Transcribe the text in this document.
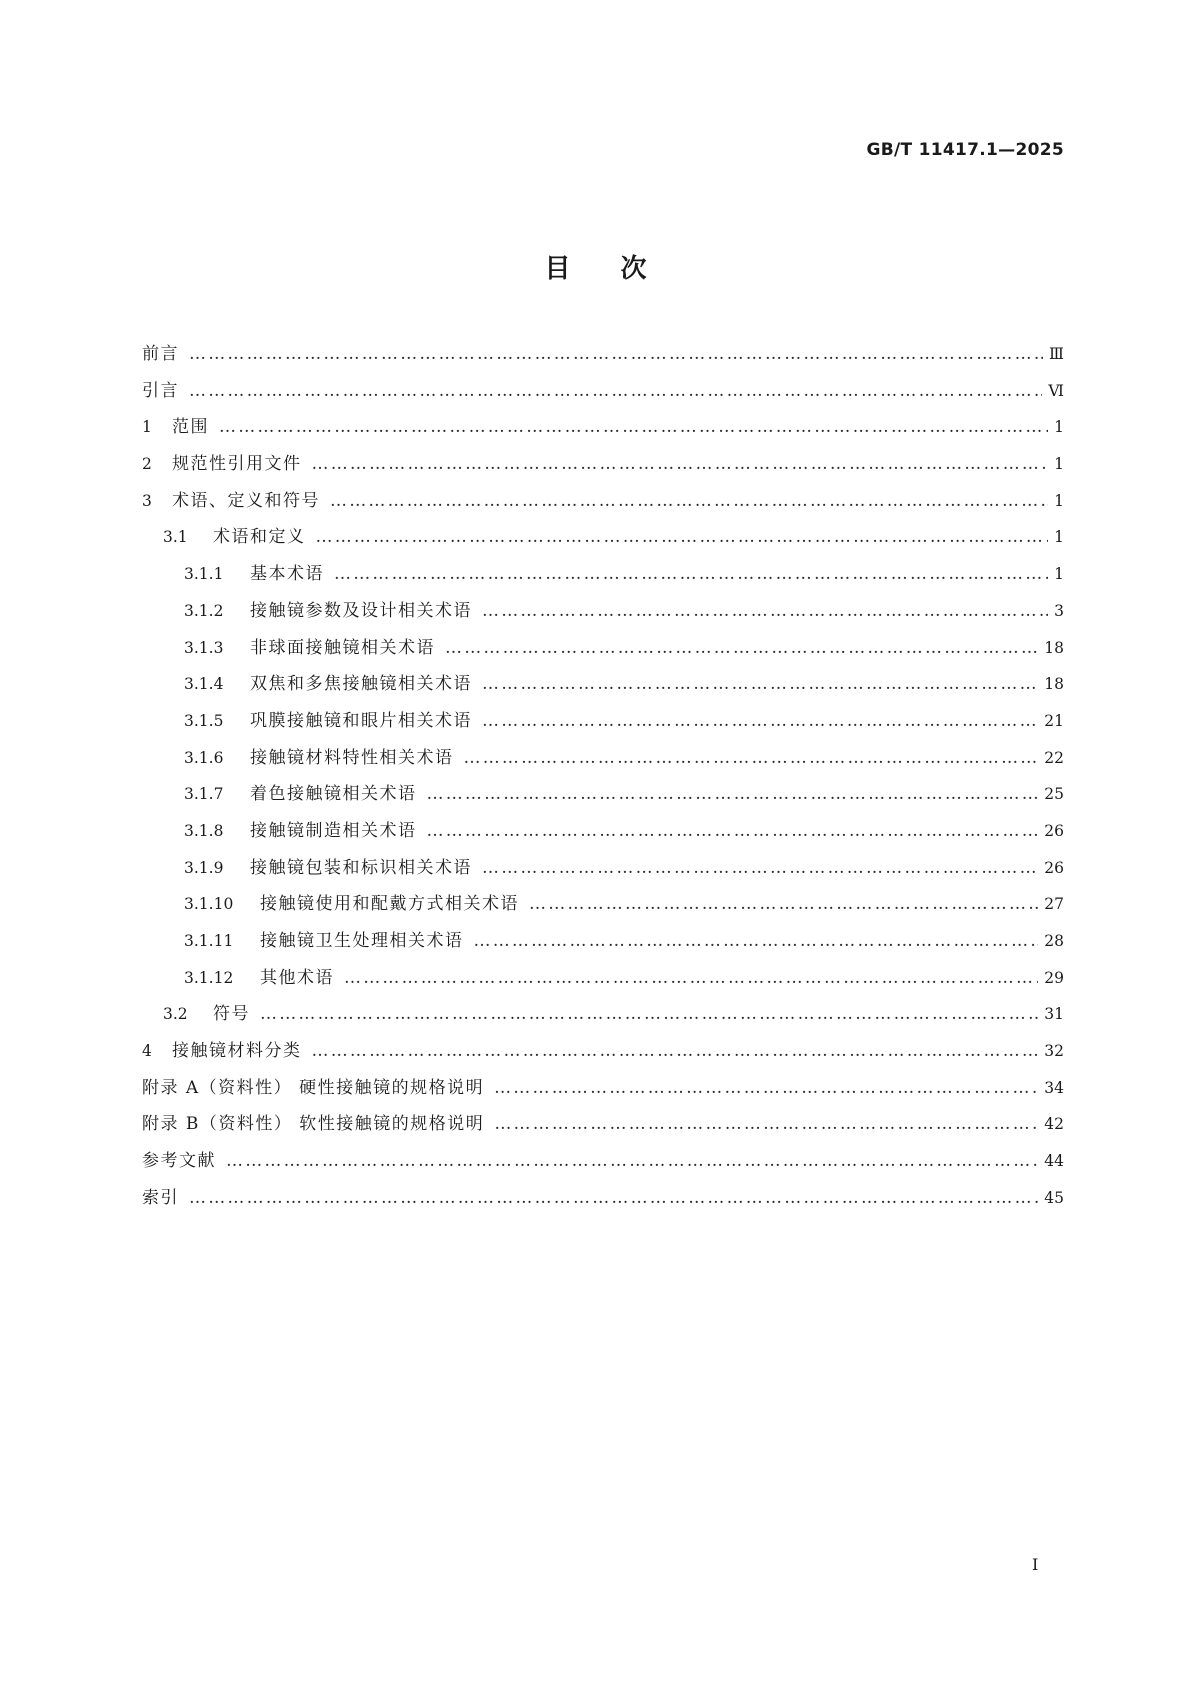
GB/T 11417.1—2025
目次
前言 ………………………………………………………………………………………………………………………………………………………………………………………………………………	Ⅲ
引言 ………………………………………………………………………………………………………………………………………………………………………………………………………………	Ⅵ
1	范围 ………………………………………………………………………………………………………………………………………………………………………………………………………………	1
2	规范性引用文件 ………………………………………………………………………………………………………………………………………………………………………………………………………………	1
3	术语、定义和符号 ………………………………………………………………………………………………………………………………………………………………………………………………………………	1
3.1	术语和定义 ………………………………………………………………………………………………………………………………………………………………………………………………………………	1
3.1.1	基本术语 ………………………………………………………………………………………………………………………………………………………………………………………………………………	1
3.1.2	接触镜参数及设计相关术语 ………………………………………………………………………………………………………………………………………………………………………………………………………………	3
3.1.3	非球面接触镜相关术语 ………………………………………………………………………………………………………………………………………………………………………………………………………………	18
3.1.4	双焦和多焦接触镜相关术语 ………………………………………………………………………………………………………………………………………………………………………………………………………………	18
3.1.5	巩膜接触镜和眼片相关术语 ………………………………………………………………………………………………………………………………………………………………………………………………………………	21
3.1.6	接触镜材料特性相关术语 ………………………………………………………………………………………………………………………………………………………………………………………………………………	22
3.1.7	着色接触镜相关术语 ………………………………………………………………………………………………………………………………………………………………………………………………………………	25
3.1.8	接触镜制造相关术语 ………………………………………………………………………………………………………………………………………………………………………………………………………………	26
3.1.9	接触镜包装和标识相关术语 ………………………………………………………………………………………………………………………………………………………………………………………………………………	26
3.1.10	接触镜使用和配戴方式相关术语 ………………………………………………………………………………………………………………………………………………………………………………………………………………	27
3.1.11	接触镜卫生处理相关术语 ………………………………………………………………………………………………………………………………………………………………………………………………………………	28
3.1.12	其他术语 ………………………………………………………………………………………………………………………………………………………………………………………………………………	29
3.2	符号 ………………………………………………………………………………………………………………………………………………………………………………………………………………	31
4	接触镜材料分类 ………………………………………………………………………………………………………………………………………………………………………………………………………………	32
附录 A（资料性） 硬性接触镜的规格说明 ………………………………………………………………………………………………………………………………………………………………………………………………………………	34
附录 B（资料性） 软性接触镜的规格说明 ………………………………………………………………………………………………………………………………………………………………………………………………………………	42
参考文献 ………………………………………………………………………………………………………………………………………………………………………………………………………………	44
索引 ………………………………………………………………………………………………………………………………………………………………………………………………………………	45
I
